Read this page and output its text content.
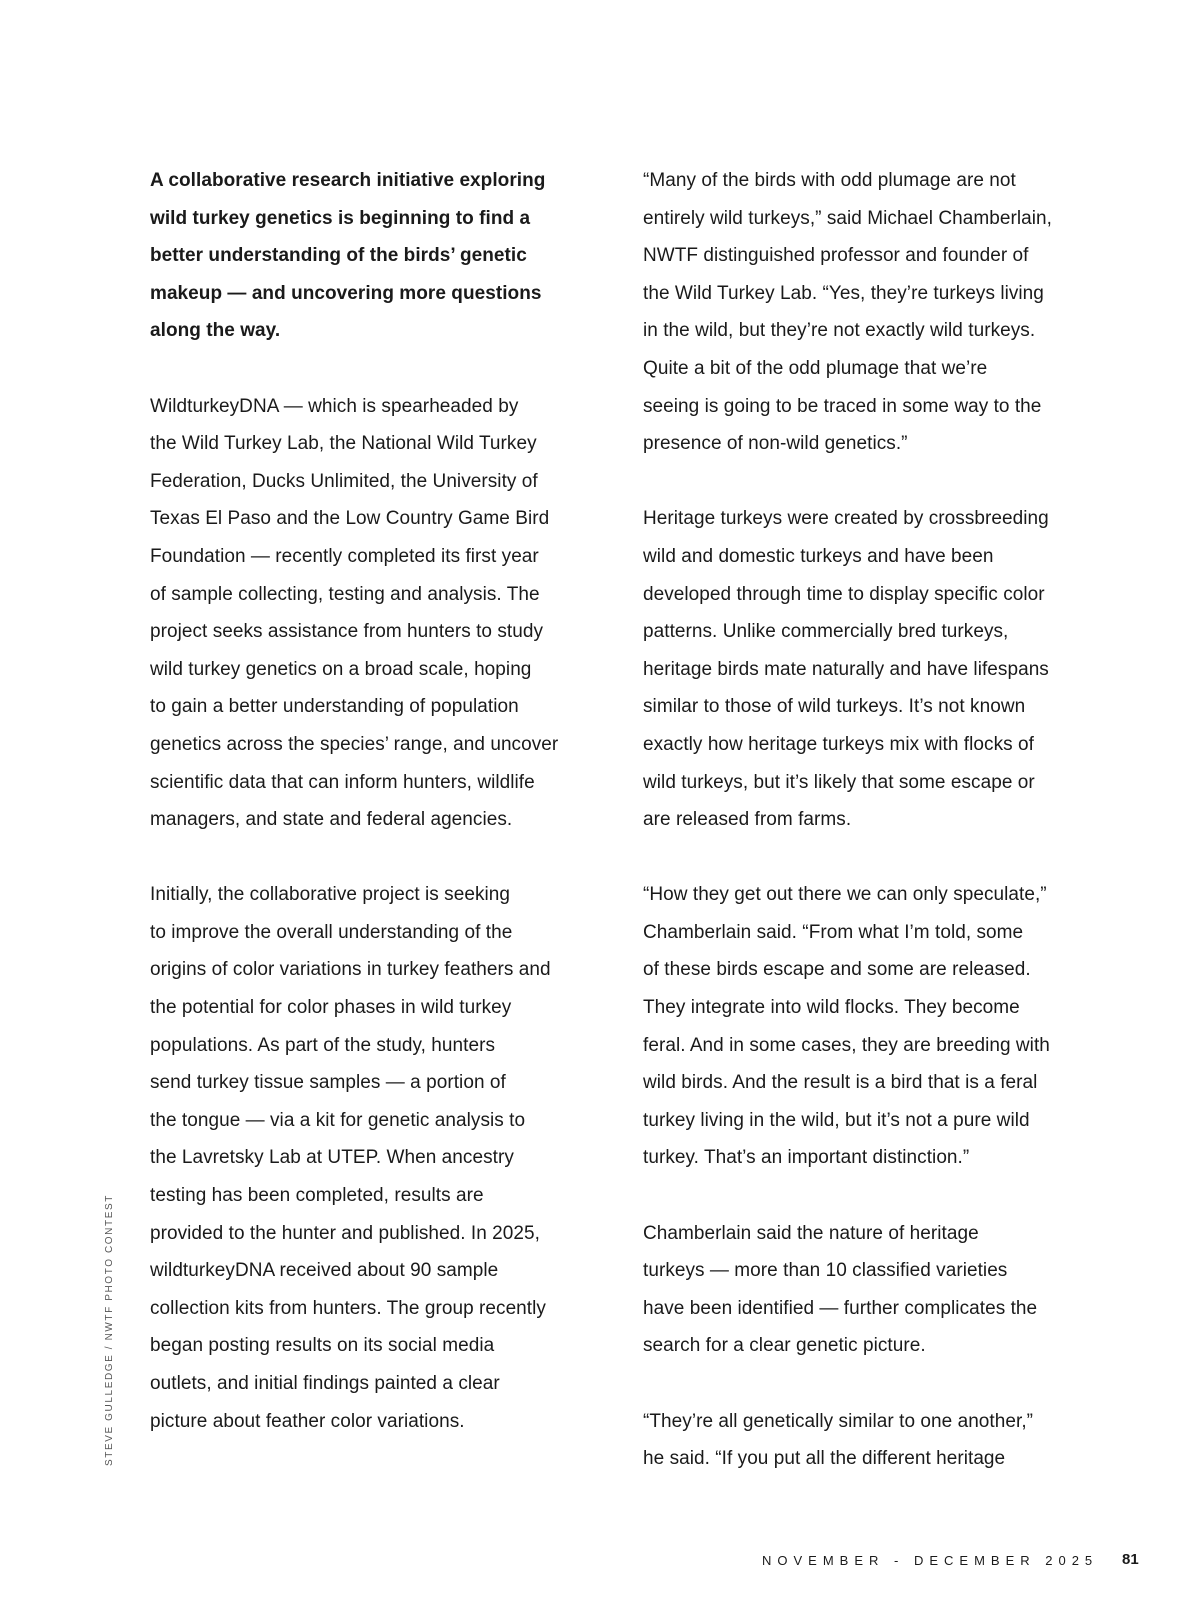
A collaborative research initiative exploring
wild turkey genetics is beginning to find a
better understanding of the birds’ genetic
makeup — and uncovering more questions
along the way.

WildturkeyDNA — which is spearheaded by
the Wild Turkey Lab, the National Wild Turkey
Federation, Ducks Unlimited, the University of
Texas El Paso and the Low Country Game Bird
Foundation — recently completed its first year
of sample collecting, testing and analysis. The
project seeks assistance from hunters to study
wild turkey genetics on a broad scale, hoping
to gain a better understanding of population
genetics across the species’ range, and uncover
scientific data that can inform hunters, wildlife
managers, and state and federal agencies.

Initially, the collaborative project is seeking
to improve the overall understanding of the
origins of color variations in turkey feathers and
the potential for color phases in wild turkey
populations. As part of the study, hunters
send turkey tissue samples — a portion of
the tongue — via a kit for genetic analysis to
the Lavretsky Lab at UTEP. When ancestry
testing has been completed, results are
provided to the hunter and published. In 2025,
wildturkeyDNA received about 90 sample
collection kits from hunters. The group recently
began posting results on its social media
outlets, and initial findings painted a clear
picture about feather color variations.

“Many of the birds with odd plumage are not
entirely wild turkeys,” said Michael Chamberlain,
NWTF distinguished professor and founder of
the Wild Turkey Lab. “Yes, they’re turkeys living
in the wild, but they’re not exactly wild turkeys.
Quite a bit of the odd plumage that we’re
seeing is going to be traced in some way to the
presence of non-wild genetics.”

Heritage turkeys were created by crossbreeding
wild and domestic turkeys and have been
developed through time to display specific color
patterns. Unlike commercially bred turkeys,
heritage birds mate naturally and have lifespans
similar to those of wild turkeys. It’s not known
exactly how heritage turkeys mix with flocks of
wild turkeys, but it’s likely that some escape or
are released from farms.

“How they get out there we can only speculate,”
Chamberlain said. “From what I’m told, some
of these birds escape and some are released.
They integrate into wild flocks. They become
feral. And in some cases, they are breeding with
wild birds. And the result is a bird that is a feral
turkey living in the wild, but it’s not a pure wild
turkey. That’s an important distinction.”

Chamberlain said the nature of heritage
turkeys — more than 10 classified varieties
have been identified — further complicates the
search for a clear genetic picture.

“They’re all genetically similar to one another,”
he said. “If you put all the different heritage

STEVE GULLEDGE / NWTF PHOTO CONTEST
NOVEMBER - DECEMBER 2025 81
